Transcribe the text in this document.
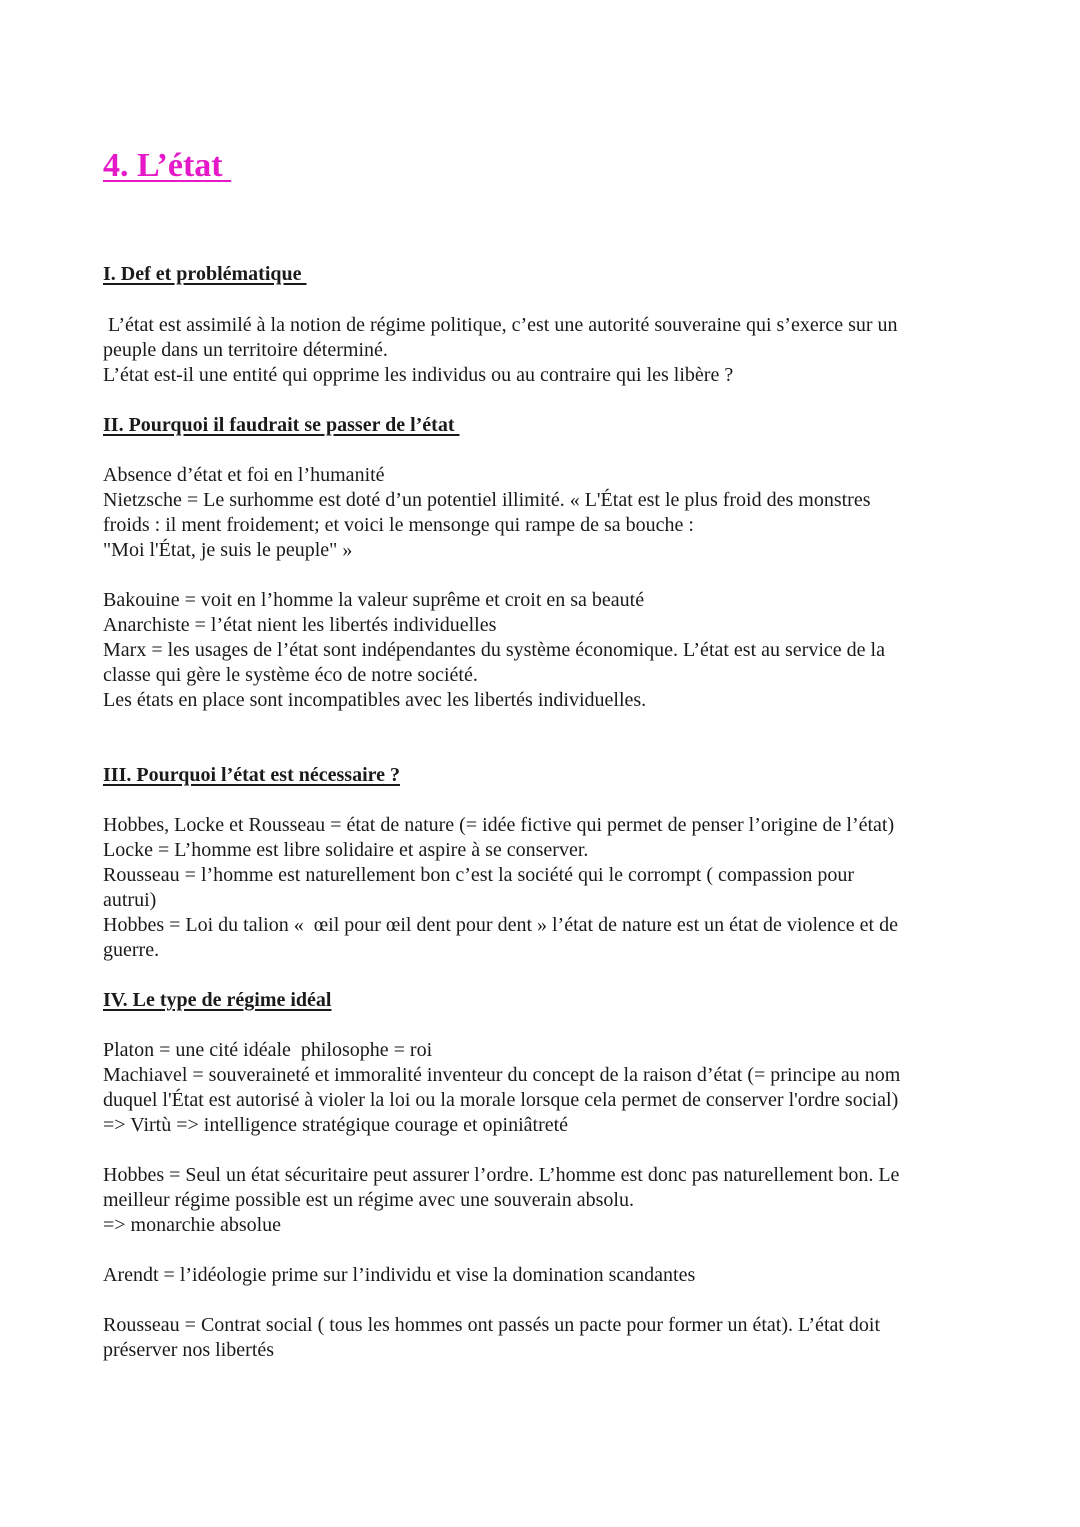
4. L’état
I. Def et problématique

L’état est assimilé à la notion de régime politique, c’est une autorité souveraine qui s’exerce sur un
peuple dans un territoire déterminé.
L’état est-il une entité qui opprime les individus ou au contraire qui les libère ?

II. Pourquoi il faudrait se passer de l’état

Absence d’état et foi en l’humanité
Nietzsche = Le surhomme est doté d’un potentiel illimité. « L'État est le plus froid des monstres
froids : il ment froidement; et voici le mensonge qui rampe de sa bouche :
"Moi l'État, je suis le peuple" »

Bakouine = voit en l’homme la valeur suprême et croit en sa beauté
Anarchiste = l’état nient les libertés individuelles
Marx = les usages de l’état sont indépendantes du système économique. L’état est au service de la
classe qui gère le système éco de notre société.
Les états en place sont incompatibles avec les libertés individuelles.

III. Pourquoi l’état est nécessaire ?

Hobbes, Locke et Rousseau = état de nature (= idée fictive qui permet de penser l’origine de l’état)
Locke = L’homme est libre solidaire et aspire à se conserver.
Rousseau = l’homme est naturellement bon c’est la société qui le corrompt ( compassion pour
autrui)
Hobbes = Loi du talion «  œil pour œil dent pour dent » l’état de nature est un état de violence et de
guerre.

IV. Le type de régime idéal

Platon = une cité idéale  philosophe = roi
Machiavel = souveraineté et immoralité inventeur du concept de la raison d’état (= principe au nom
duquel l'État est autorisé à violer la loi ou la morale lorsque cela permet de conserver l'ordre social)
=> Virtù => intelligence stratégique courage et opiniâtreté

Hobbes = Seul un état sécuritaire peut assurer l’ordre. L’homme est donc pas naturellement bon. Le
meilleur régime possible est un régime avec une souverain absolu.
=> monarchie absolue

Arendt = l’idéologie prime sur l’individu et vise la domination scandantes

Rousseau = Contrat social ( tous les hommes ont passés un pacte pour former un état). L’état doit
préserver nos libertés
